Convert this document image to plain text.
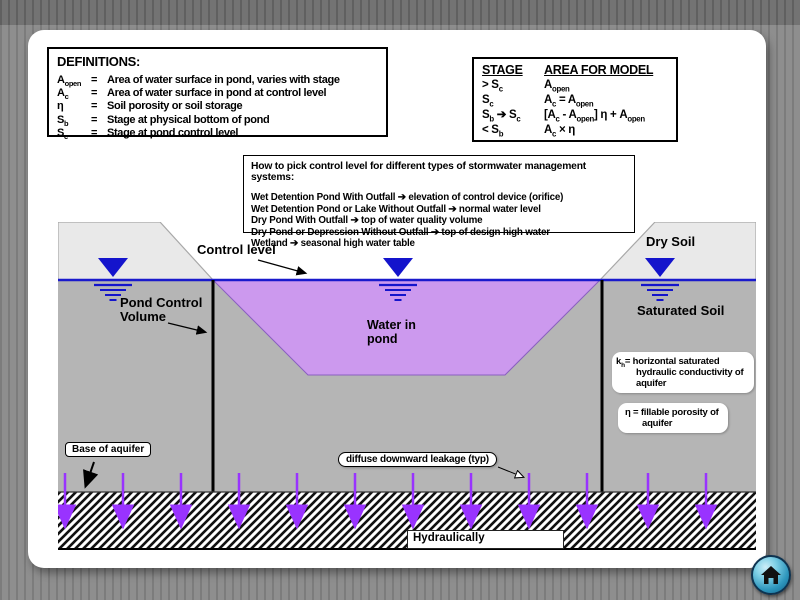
DEFINITIONS:
$A_{open}$ = Area of water surface in pond, varies with stage
$A_c$	= Area of water surface in pond at control level
η	= Soil porosity or soil storage
$S_b$	= Stage at physical bottom of pond
$S_c$	= Stage at pond control level
STAGE	AREA FOR MODEL
> $S_c$	$A_{open}$
$S_c$	$A_c = A_{open}$
$S_b$ ➔ $S_c$	$[A_c - A_{open}] \eta + A_{open}$
< $S_b$	$A_c \times \eta$
How to pick control level for different types of stormwater management systems:
Wet Detention Pond With Outfall ➔ elevation of control device (orifice)
Wet Detention Pond or Lake Without Outfall ➔ normal water level
Dry Pond With Outfall ➔ top of water quality volume
Dry Pond or Depression Without Outfall ➔ top of design high water
Wetland ➔ seasonal high water table
Control level
Pond Control
Volume
Water in
pond
Dry Soil
Saturated Soil
$k_h=$ horizontal saturated hydraulic conductivity of aquifer
η = fillable porosity of aquifer
Base of aquifer
diffuse downward leakage (typ)
Hydraulically
